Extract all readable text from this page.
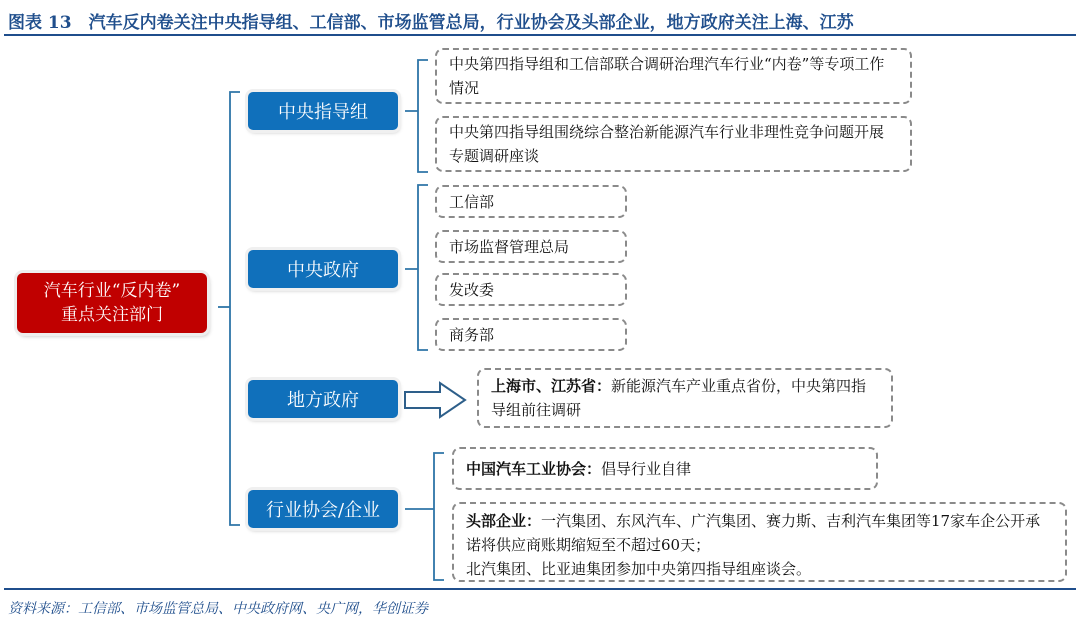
图表 13　汽车反内卷关注中央指导组、工信部、市场监管总局，行业协会及头部企业，地方政府关注上海、江苏
汽车行业“反内卷”
重点关注部门
中央指导组
中央政府
地方政府
行业协会/企业
中央第四指导组和工信部联合调研治理汽车行业“内卷”等专项工作情况
中央第四指导组围绕综合整治新能源汽车行业非理性竞争问题开展专题调研座谈
工信部
市场监督管理总局
发改委
商务部
上海市、江苏省：新能源汽车产业重点省份，中央第四指导组前往调研
中国汽车工业协会：倡导行业自律
头部企业：一汽集团、东风汽车、广汽集团、赛力斯、吉利汽车集团等17家车企公开承诺将供应商账期缩短至不超过60天；
北汽集团、比亚迪集团参加中央第四指导组座谈会。
资料来源：工信部、市场监管总局、中央政府网、央广网，华创证券
